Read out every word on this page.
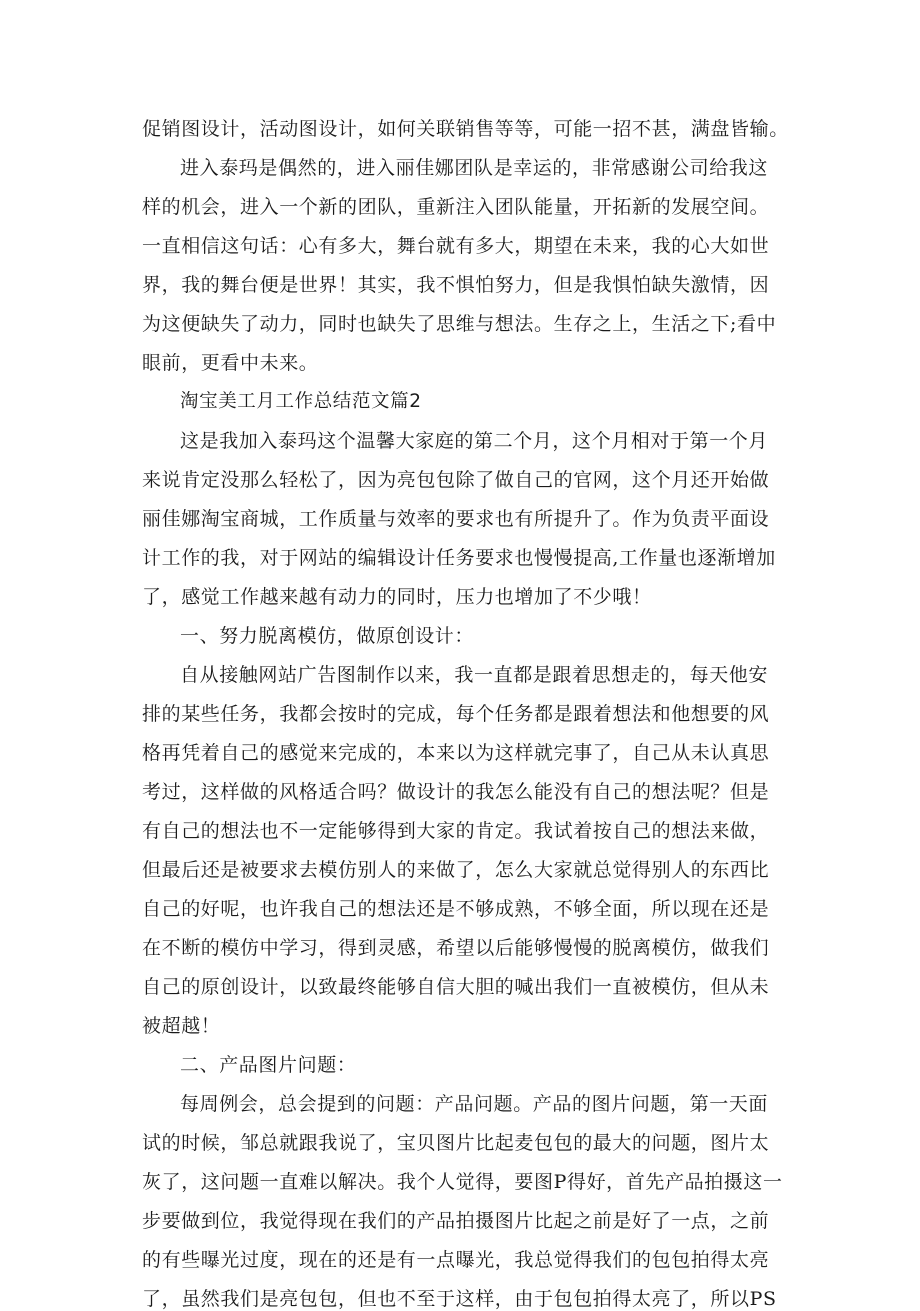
促销图设计，活动图设计，如何关联销售等等，可能一招不甚，满盘皆输。
进入泰玛是偶然的，进入丽佳娜团队是幸运的，非常感谢公司给我这
样的机会，进入一个新的团队，重新注入团队能量，开拓新的发展空间。
一直相信这句话：心有多大，舞台就有多大，期望在未来，我的心大如世
界，我的舞台便是世界！其实，我不惧怕努力，但是我惧怕缺失激情，因
为这便缺失了动力，同时也缺失了思维与想法。生存之上，生活之下;看中
眼前，更看中未来。
淘宝美工月工作总结范文篇2
这是我加入泰玛这个温馨大家庭的第二个月，这个月相对于第一个月
来说肯定没那么轻松了，因为亮包包除了做自己的官网，这个月还开始做
丽佳娜淘宝商城，工作质量与效率的要求也有所提升了。作为负责平面设
计工作的我，对于网站的编辑设计任务要求也慢慢提高,工作量也逐渐增加
了，感觉工作越来越有动力的同时，压力也增加了不少哦！
一、努力脱离模仿，做原创设计：
自从接触网站广告图制作以来，我一直都是跟着思想走的，每天他安
排的某些任务，我都会按时的完成，每个任务都是跟着想法和他想要的风
格再凭着自己的感觉来完成的，本来以为这样就完事了，自己从未认真思
考过，这样做的风格适合吗？做设计的我怎么能没有自己的想法呢？但是
有自己的想法也不一定能够得到大家的肯定。我试着按自己的想法来做，
但最后还是被要求去模仿别人的来做了，怎么大家就总觉得别人的东西比
自己的好呢，也许我自己的想法还是不够成熟，不够全面，所以现在还是
在不断的模仿中学习，得到灵感，希望以后能够慢慢的脱离模仿，做我们
自己的原创设计，以致最终能够自信大胆的喊出我们一直被模仿，但从未
被超越！
二、产品图片问题：
每周例会，总会提到的问题：产品问题。产品的图片问题，第一天面
试的时候，邹总就跟我说了，宝贝图片比起麦包包的最大的问题，图片太
灰了，这问题一直难以解决。我个人觉得，要图P得好，首先产品拍摄这一
步要做到位，我觉得现在我们的产品拍摄图片比起之前是好了一点，之前
的有些曝光过度，现在的还是有一点曝光，我总觉得我们的包包拍得太亮
了，虽然我们是亮包包，但也不至于这样，由于包包拍得太亮了，所以PS
